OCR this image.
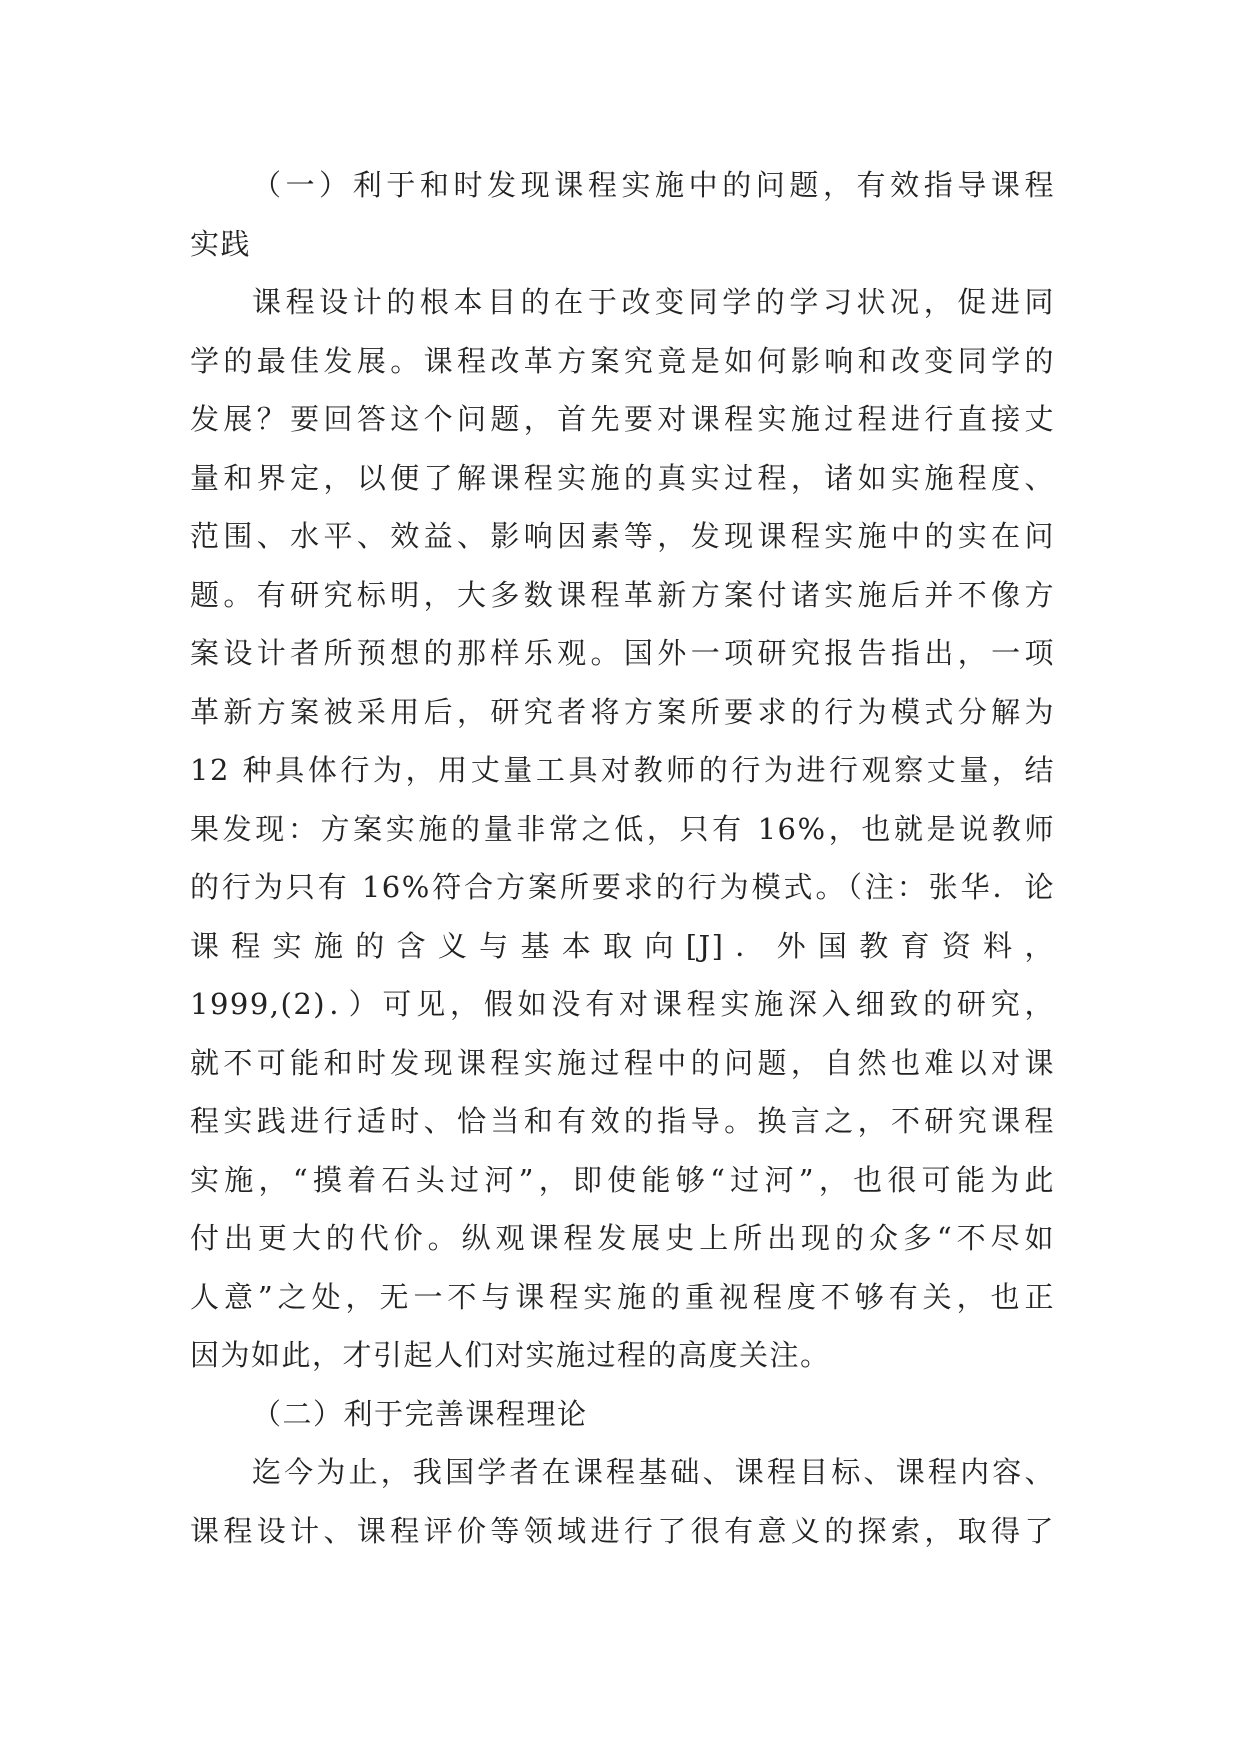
（一）利于和时发现课程实施中的问题，有效指导课程
实践
课程设计的根本目的在于改变同学的学习状况，促进同
学的最佳发展。课程改革方案究竟是如何影响和改变同学的
发展？要回答这个问题，首先要对课程实施过程进行直接丈
量和界定，以便了解课程实施的真实过程，诸如实施程度、
范围、水平、效益、影响因素等，发现课程实施中的实在问
题。有研究标明，大多数课程革新方案付诸实施后并不像方
案设计者所预想的那样乐观。国外一项研究报告指出，一项
革新方案被采用后，研究者将方案所要求的行为模式分解为
12 种具体行为，用丈量工具对教师的行为进行观察丈量，结
果发现：方案实施的量非常之低，只有 16%，也就是说教师
的行为只有 16%符合方案所要求的行为模式。（注：张华．论
课程实施的含义与基本取向[J]．外国教育资料，
1999,(2)．）可见，假如没有对课程实施深入细致的研究，
就不可能和时发现课程实施过程中的问题，自然也难以对课
程实践进行适时、恰当和有效的指导。换言之，不研究课程
实施，“摸着石头过河”，即使能够“过河”，也很可能为此
付出更大的代价。纵观课程发展史上所出现的众多“不尽如
人意”之处，无一不与课程实施的重视程度不够有关，也正
因为如此，才引起人们对实施过程的高度关注。
（二）利于完善课程理论
迄今为止，我国学者在课程基础、课程目标、课程内容、
课程设计、课程评价等领域进行了很有意义的探索，取得了
